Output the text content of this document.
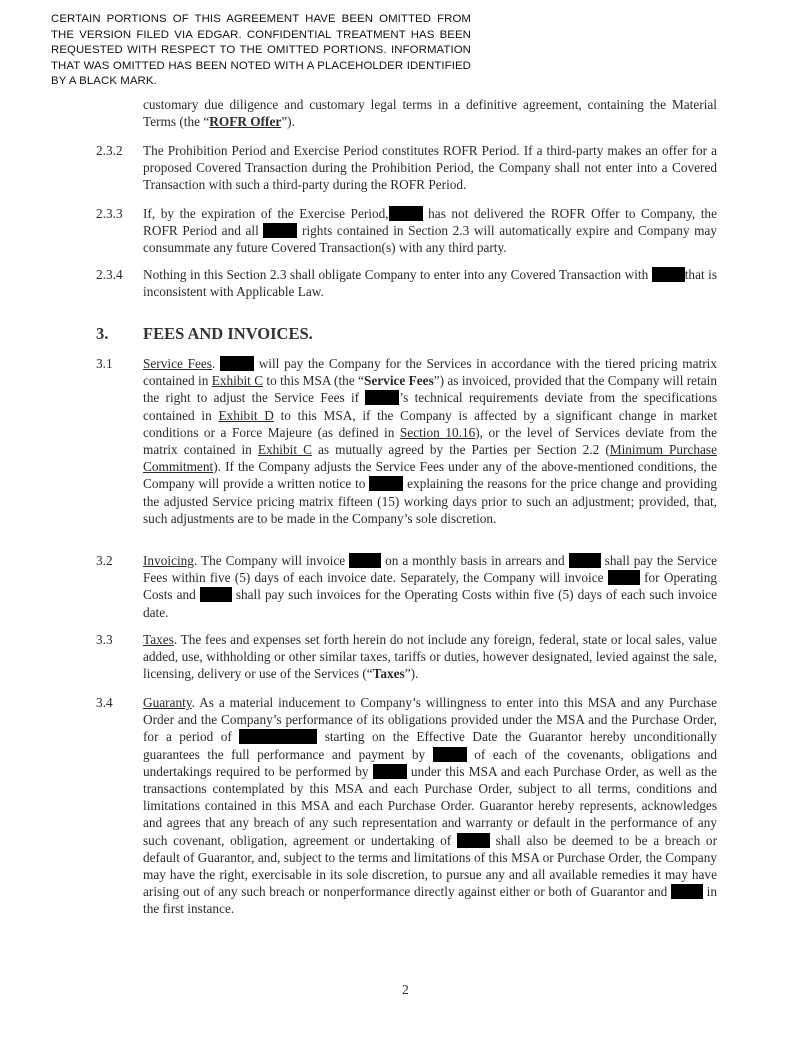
CERTAIN PORTIONS OF THIS AGREEMENT HAVE BEEN OMITTED FROM THE VERSION FILED VIA EDGAR. CONFIDENTIAL TREATMENT HAS BEEN REQUESTED WITH RESPECT TO THE OMITTED PORTIONS. INFORMATION THAT WAS OMITTED HAS BEEN NOTED WITH A PLACEHOLDER IDENTIFIED BY A BLACK MARK.
customary due diligence and customary legal terms in a definitive agreement, containing the Material Terms (the “ROFR Offer”).
2.3.2 The Prohibition Period and Exercise Period constitutes ROFR Period. If a third-party makes an offer for a proposed Covered Transaction during the Prohibition Period, the Company shall not enter into a Covered Transaction with such a third-party during the ROFR Period.
2.3.3 If, by the expiration of the Exercise Period,	has not delivered the ROFR Offer to Company, the ROFR Period and all	rights contained in Section 2.3 will automatically expire and Company may consummate any future Covered Transaction(s) with any third party.
2.3.4 Nothing in this Section 2.3 shall obligate Company to enter into any Covered Transaction with	that is inconsistent with Applicable Law.
3. FEES AND INVOICES.
3.1 Service Fees.	will pay the Company for the Services in accordance with the tiered pricing matrix contained in Exhibit C to this MSA (the “Service Fees”) as invoiced, provided that the Company will retain the right to adjust the Service Fees if	’s technical requirements deviate from the specifications contained in Exhibit D to this MSA, if the Company is affected by a significant change in market conditions or a Force Majeure (as defined in Section 10.16), or the level of Services deviate from the matrix contained in Exhibit C as mutually agreed by the Parties per Section 2.2 (Minimum Purchase Commitment). If the Company adjusts the Service Fees under any of the above-mentioned conditions, the Company will provide a written notice to	explaining the reasons for the price change and providing the adjusted Service pricing matrix fifteen (15) working days prior to such an adjustment; provided, that, such adjustments are to be made in the Company’s sole discretion.
3.2 Invoicing. The Company will invoice	on a monthly basis in arrears and	shall pay the Service Fees within five (5) days of each invoice date. Separately, the Company will invoice	for Operating Costs and	shall pay such invoices for the Operating Costs within five (5) days of each such invoice date.
3.3 Taxes. The fees and expenses set forth herein do not include any foreign, federal, state or local sales, value added, use, withholding or other similar taxes, tariffs or duties, however designated, levied against the sale, licensing, delivery or use of the Services (“Taxes”).
3.4 Guaranty. As a material inducement to Company’s willingness to enter into this MSA and any Purchase Order and the Company’s performance of its obligations provided under the MSA and the Purchase Order, for a period of	starting on the Effective Date the Guarantor hereby unconditionally guarantees the full performance and payment by	of each of the covenants, obligations and undertakings required to be performed by	under this MSA and each Purchase Order, as well as the transactions contemplated by this MSA and each Purchase Order, subject to all terms, conditions and limitations contained in this MSA and each Purchase Order. Guarantor hereby represents, acknowledges and agrees that any breach of any such representation and warranty or default in the performance of any such covenant, obligation, agreement or undertaking of	shall also be deemed to be a breach or default of Guarantor, and, subject to the terms and limitations of this MSA or Purchase Order, the Company may have the right, exercisable in its sole discretion, to pursue any and all available remedies it may have arising out of any such breach or nonperformance directly against either or both of Guarantor and	in the first instance.
2
